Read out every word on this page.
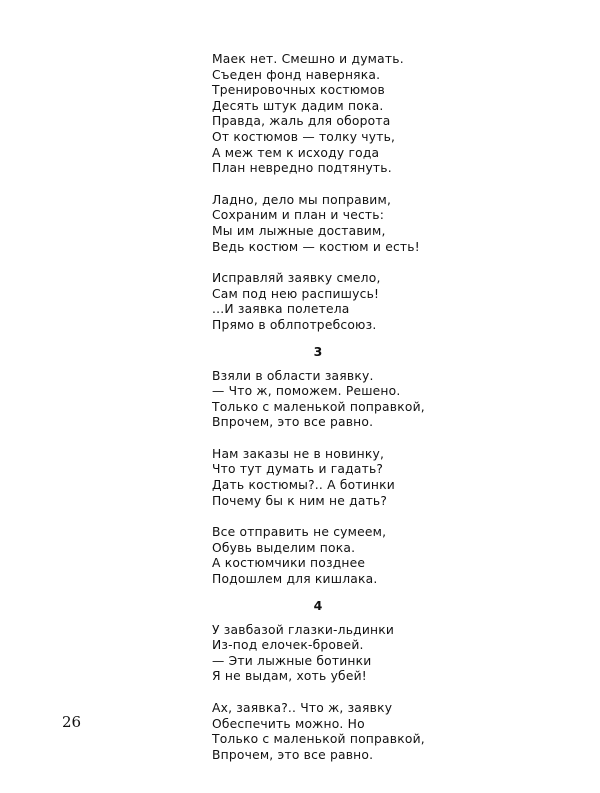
Маек нет. Смешно и думать.
Съеден фонд наверняка.
Тренировочных костюмов
Десять штук дадим пока.
Правда, жаль для оборота
От костюмов — толку чуть,
А меж тем к исходу года
План невредно подтянуть.
Ладно, дело мы поправим,
Сохраним и план и честь:
Мы им лыжные доставим,
Ведь костюм — костюм и есть!
Исправляй заявку смело,
Сам под нею распишусь!
...И заявка полетела
Прямо в облпотребсоюз.
3
Взяли в области заявку.
— Что ж, поможем. Решено.
Только с маленькой поправкой,
Впрочем, это все равно.
Нам заказы не в новинку,
Что тут думать и гадать?
Дать костюмы?.. А ботинки
Почему бы к ним не дать?
Все отправить не сумеем,
Обувь выделим пока.
А костюмчики позднее
Подошлем для кишлака.
4
У завбазой глазки-льдинки
Из-под елочек-бровей.
— Эти лыжные ботинки
Я не выдам, хоть убей!
Ах, заявка?.. Что ж, заявку
Обеспечить можно. Но
Только с маленькой поправкой,
Впрочем, это все равно.
26
